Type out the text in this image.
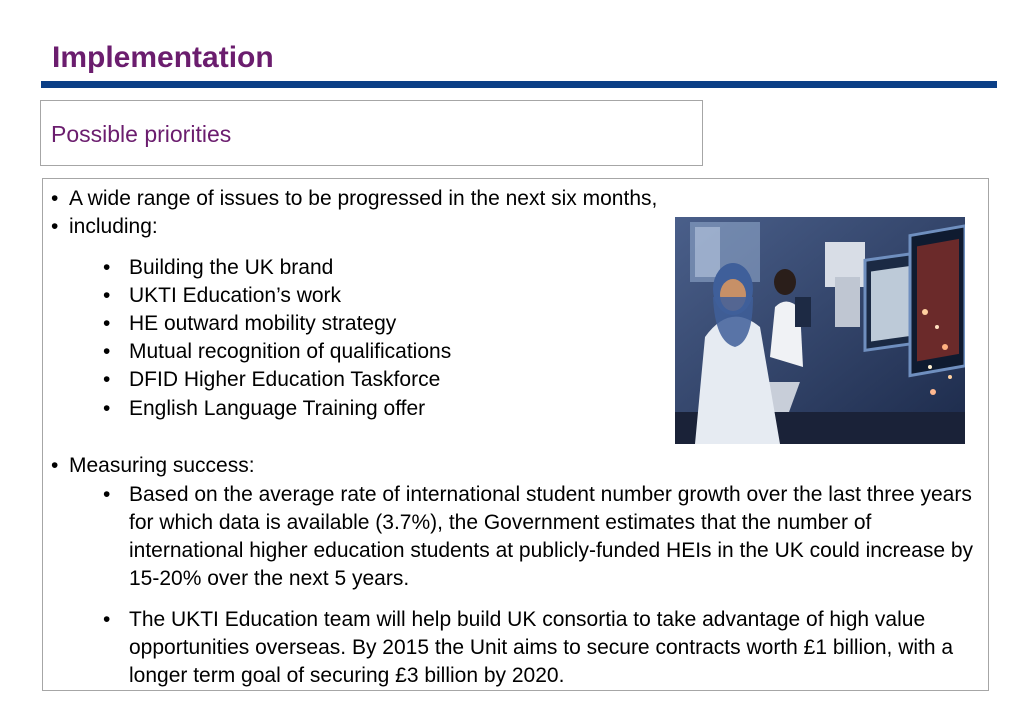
Implementation
Possible priorities
• A wide range of issues to be progressed in the next six months,
• including:
• Building the UK brand
• UKTI Education’s work
• HE outward mobility strategy
• Mutual recognition of qualifications
• DFID Higher Education Taskforce
• English Language Training offer
• Measuring success:
• Based on the average rate of international student number growth over the last three years for which data is available (3.7%), the Government estimates that the number of international higher education students at publicly-funded HEIs in the UK could increase by 15-20% over the next 5 years.
• The UKTI Education team will help build UK consortia to take advantage of high value opportunities overseas. By 2015 the Unit aims to secure contracts worth £1 billion, with a longer term goal of securing £3 billion by 2020.
